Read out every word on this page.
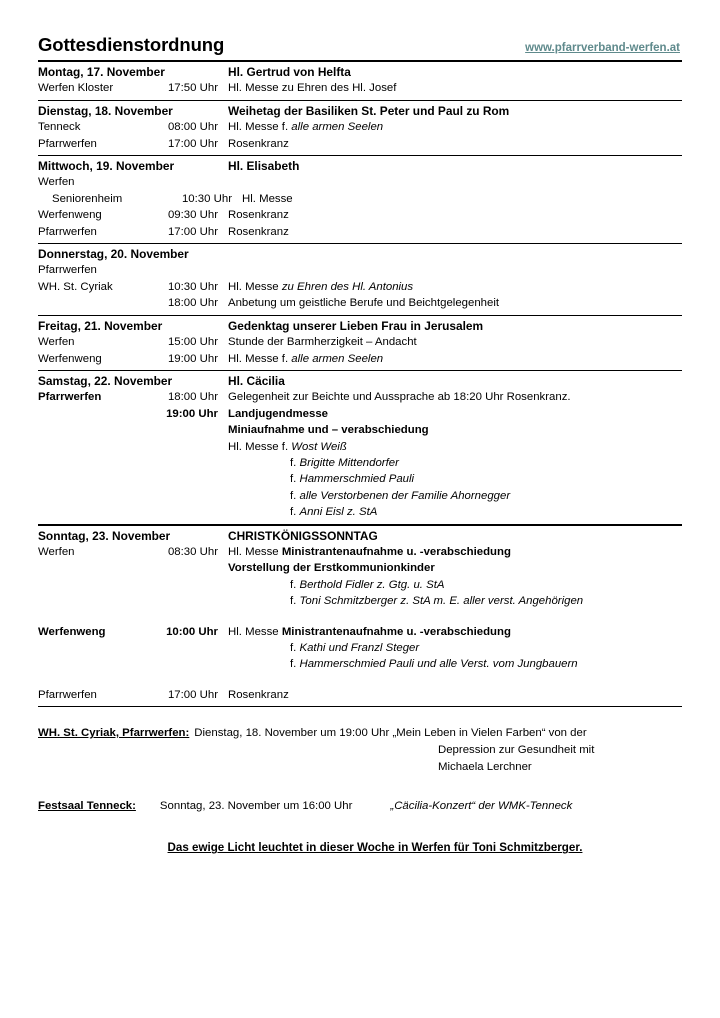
Gottesdienstordnung	www.pfarrverband-werfen.at
Montag, 17. November	Hl. Gertrud von Helfta
Werfen Kloster	17:50 Uhr Hl. Messe zu Ehren des Hl. Josef
Dienstag, 18. November	Weihetag der Basiliken St. Peter und Paul zu Rom
Tenneck	08:00 Uhr Hl. Messe f. alle armen Seelen
Pfarrwerfen	17:00 Uhr Rosenkranz
Mittwoch, 19. November	Hl. Elisabeth
Werfen
Seniorenheim	10:30 Uhr Hl. Messe
Werfenweng	09:30 Uhr Rosenkranz
Pfarrwerfen	17:00 Uhr Rosenkranz
Donnerstag, 20. November
Pfarrwerfen
WH. St. Cyriak	10:30 Uhr Hl. Messe zu Ehren des Hl. Antonius
18:00 Uhr Anbetung um geistliche Berufe und Beichtgelegenheit
Freitag, 21. November	Gedenktag unserer Lieben Frau in Jerusalem
Werfen	15:00 Uhr Stunde der Barmherzigkeit – Andacht
Werfenweng	19:00 Uhr Hl. Messe f. alle armen Seelen
Samstag, 22. November	Hl. Cäcilia
Pfarrwerfen	18:00 Uhr Gelegenheit zur Beichte und Aussprache ab 18:20 Uhr Rosenkranz.
19:00 Uhr Landjugendmesse
Miniaufnahme und – verabschiedung
Hl. Messe f. Wost Weiß
f. Brigitte Mittendorfer
f. Hammerschmied Pauli
f. alle Verstorbenen der Familie Ahornegger
f. Anni Eisl z. StA
Sonntag, 23. November	CHRISTKÖNIGSSONNTAG
Werfen	08:30 Uhr Hl. Messe Ministrantenaufnahme u. -verabschiedung
Vorstellung der Erstkommunionkinder
f. Berthold Fidler z. Gtg. u. StA
f. Toni Schmitzberger z. StA m. E. aller verst. Angehörigen
Werfenweng	10:00 Uhr Hl. Messe Ministrantenaufnahme u. -verabschiedung
f. Kathi und Franzl Steger
f. Hammerschmied Pauli und alle Verst. vom Jungbauern
Pfarrwerfen	17:00 Uhr Rosenkranz
WH. St. Cyriak, Pfarrwerfen: Dienstag, 18. November um 19:00 Uhr „Mein Leben in Vielen Farben“ von der
Depression zur Gesundheit mit
Michaela Lerchner
Festsaal Tenneck:	Sonntag, 23. November um 16:00 Uhr	„Cäcilia-Konzert“ der WMK-Tenneck
Das ewige Licht leuchtet in dieser Woche in Werfen für Toni Schmitzberger.
